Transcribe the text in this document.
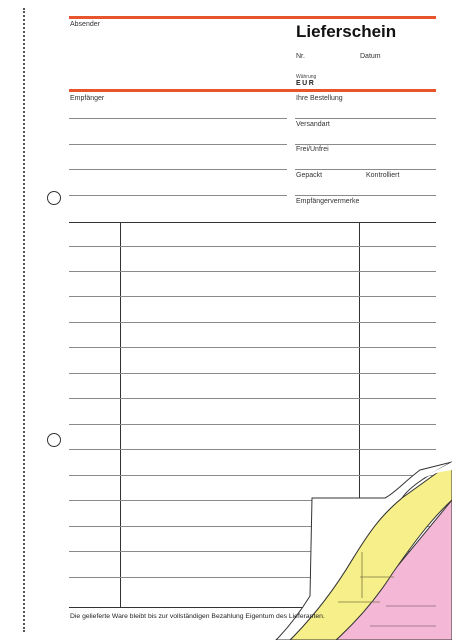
Lieferschein
Absender
Nr.	Datum
Währung
EUR
Empfänger	Ihre Bestellung
Versandart
Frei/Unfrei
Gepackt	Kontrolliert
Empfängervermerke
Die gelieferte Ware bleibt bis zur vollständigen Bezahlung Eigentum des Lieferanten.
